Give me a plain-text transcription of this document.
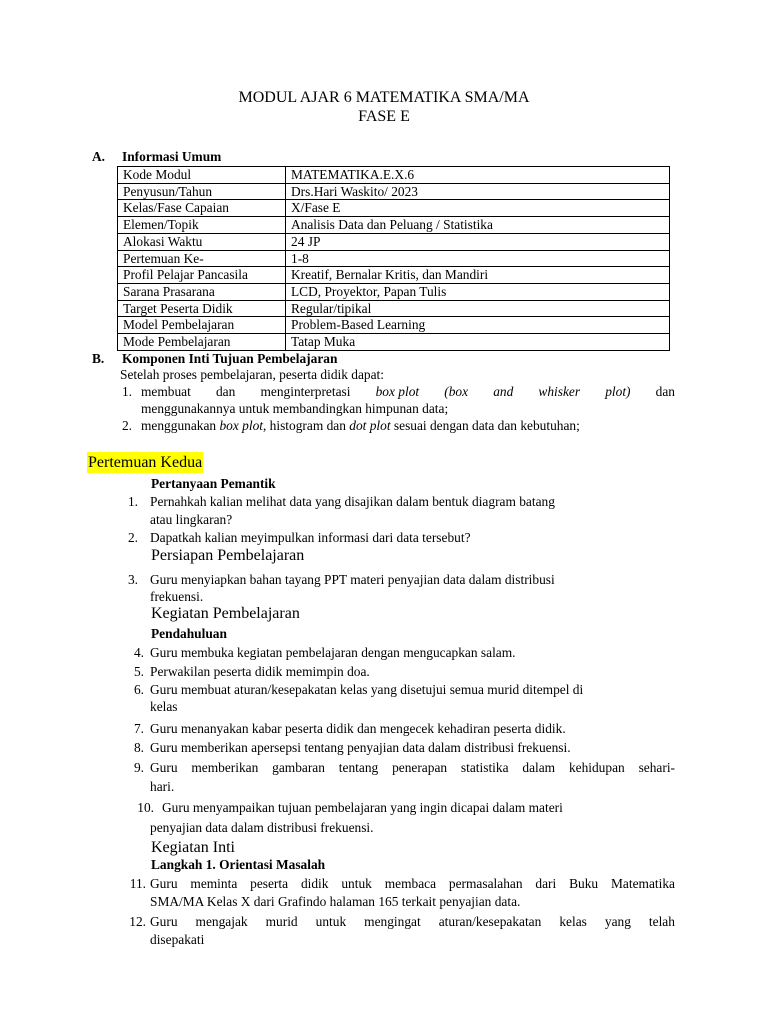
MODUL AJAR 6 MATEMATIKA SMA/MA
FASE E
A. Informasi Umum
Kode Modul	MATEMATIKA.E.X.6
Penyusun/Tahun	Drs.Hari Waskito/ 2023
Kelas/Fase Capaian	X/Fase E
Elemen/Topik	Analisis Data dan Peluang / Statistika
Alokasi Waktu	24 JP
Pertemuan Ke-	1-8
Profil Pelajar Pancasila	Kreatif, Bernalar Kritis, dan Mandiri
Sarana Prasarana	LCD, Proyektor, Papan Tulis
Target Peserta Didik	Regular/tipikal
Model Pembelajaran	Problem-Based Learning
Mode Pembelajaran	Tatap Muka
B. Komponen Inti Tujuan Pembelajaran
Setelah proses pembelajaran, peserta didik dapat:
1. membuat dan menginterpretasi box plot (box and whisker plot) dan
menggunakannya untuk membandingkan himpunan data;
2. menggunakan box plot, histogram dan dot plot sesuai dengan data dan kebutuhan;
Pertemuan Kedua
Pertanyaan Pemantik
1. Pernahkah kalian melihat data yang disajikan dalam bentuk diagram batang
atau lingkaran?
2. Dapatkah kalian meyimpulkan informasi dari data tersebut?
Persiapan Pembelajaran
3. Guru menyiapkan bahan tayang PPT materi penyajian data dalam distribusi
frekuensi.
Kegiatan Pembelajaran
Pendahuluan
4. Guru membuka kegiatan pembelajaran dengan mengucapkan salam.
5. Perwakilan peserta didik memimpin doa.
6. Guru membuat aturan/kesepakatan kelas yang disetujui semua murid ditempel di
kelas
7. Guru menanyakan kabar peserta didik dan mengecek kehadiran peserta didik.
8. Guru memberikan apersepsi tentang penyajian data dalam distribusi frekuensi.
9. Guru memberikan gambaran tentang penerapan statistika dalam kehidupan sehari-
hari.
10. Guru menyampaikan tujuan pembelajaran yang ingin dicapai dalam materi
penyajian data dalam distribusi frekuensi.
Kegiatan Inti
Langkah 1. Orientasi Masalah
11. Guru meminta peserta didik untuk membaca permasalahan dari Buku Matematika
SMA/MA Kelas X dari Grafindo halaman 165 terkait penyajian data.
12. Guru mengajak murid untuk mengingat aturan/kesepakatan kelas yang telah
disepakati
